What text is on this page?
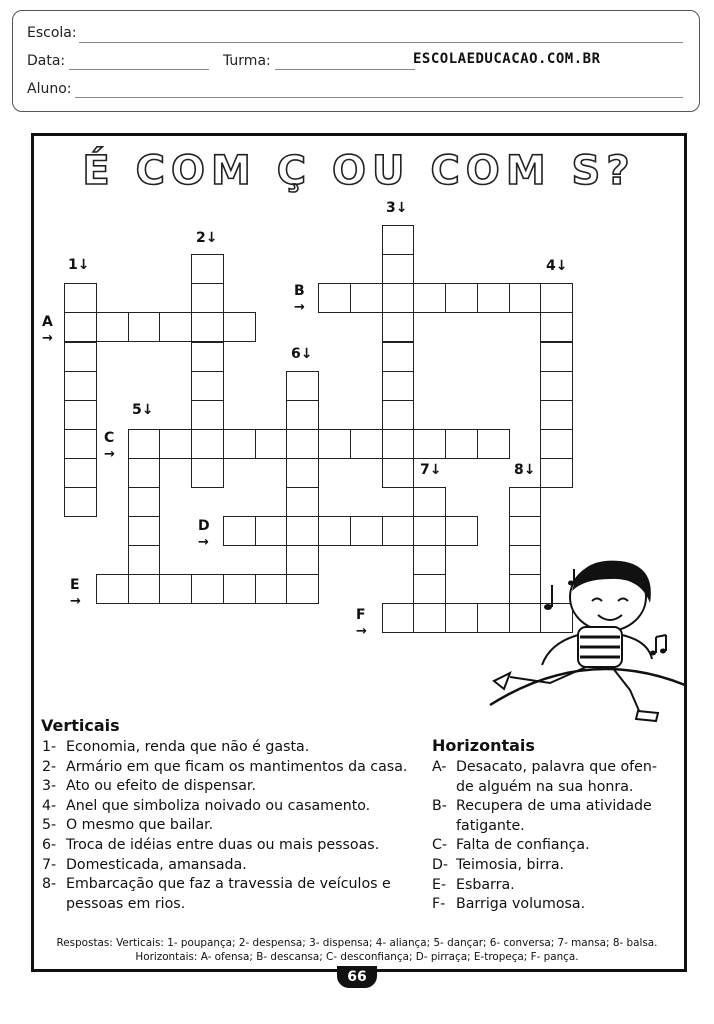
Escola:
Data:	Turma:
Aluno:
ESCOLAEDUCACAO.COM.BR
É COM Ç OU COM S?
1↓
2↓
3↓
4↓
5↓
6↓
7↓	8↓
A
→
B
→
C
→
D
→
E
→
F
→
Verticais
1- Economia, renda que não é gasta.
2- Armário em que ficam os mantimentos da casa.
3- Ato ou efeito de dispensar.
4- Anel que simboliza noivado ou casamento.
5- O mesmo que bailar.
6- Troca de idéias entre duas ou mais pessoas.
7- Domesticada, amansada.
8- Embarcação que faz a travessia de veículos e
pessoas em rios.
Horizontais
A- Desacato, palavra que ofen-
de alguém na sua honra.
B- Recupera de uma atividade
fatigante.
C- Falta de confiança.
D- Teimosia, birra.
E- Esbarra.
F- Barriga volumosa.
Respostas: Verticais: 1- poupança; 2- despensa; 3- dispensa; 4- aliança; 5- dançar; 6- conversa; 7- mansa; 8- balsa.
Horizontais: A- ofensa; B- descansa; C- desconfiança; D- pirraça; E-tropeça; F- pança.
66
